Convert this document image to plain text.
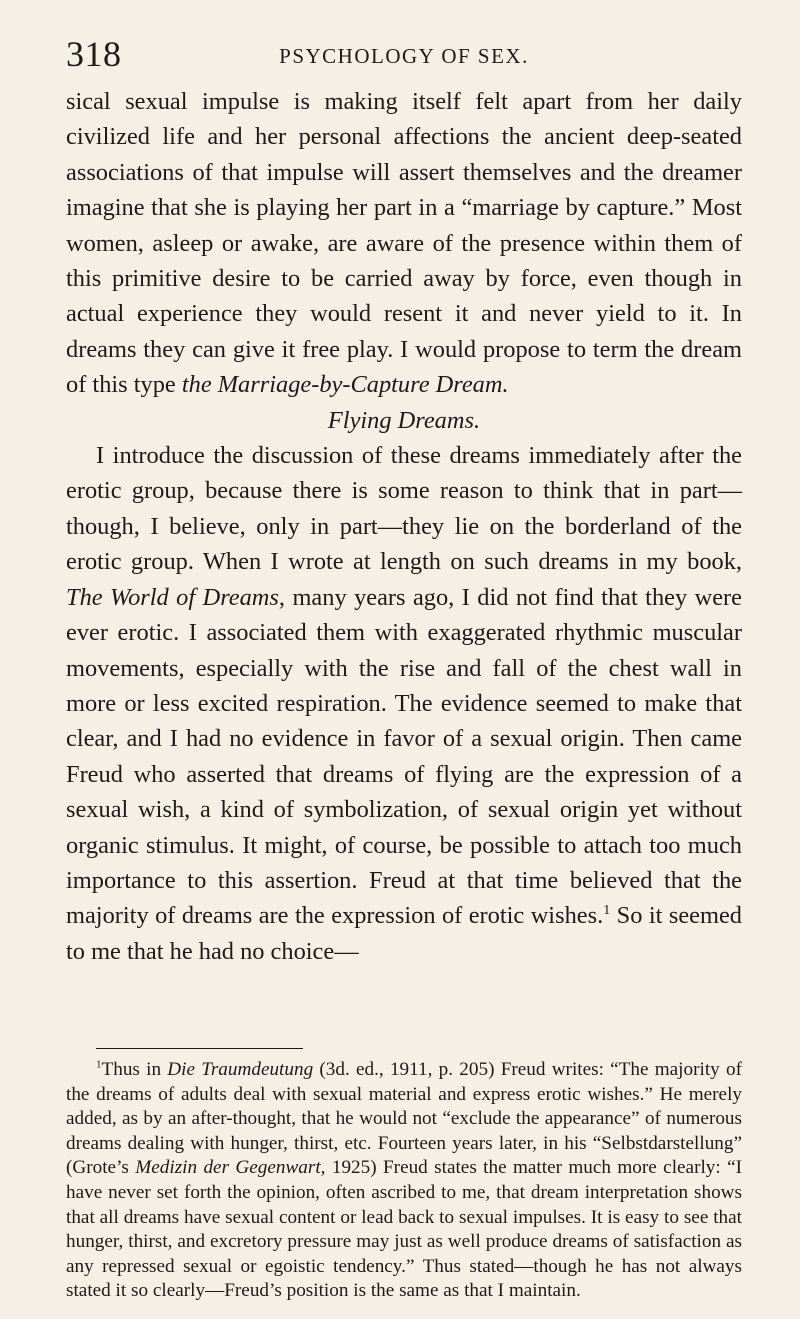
318	PSYCHOLOGY OF SEX.

sical sexual impulse is making itself felt apart from her daily civilized life and her personal affections the ancient deep-seated associations of that impulse will assert themselves and the dreamer imagine that she is playing her part in a “marriage by capture.” Most women, asleep or awake, are aware of the presence within them of this primitive desire to be carried away by force, even though in actual experience they would resent it and never yield to it. In dreams they can give it free play. I would propose to term the dream of this type the Marriage-by-Capture Dream.

Flying Dreams.

I introduce the discussion of these dreams immediately after the erotic group, because there is some reason to think that in part—though, I believe, only in part—they lie on the borderland of the erotic group. When I wrote at length on such dreams in my book, The World of Dreams, many years ago, I did not find that they were ever erotic. I associated them with exaggerated rhythmic muscular movements, especially with the rise and fall of the chest wall in more or less excited respiration. The evidence seemed to make that clear, and I had no evidence in favor of a sexual origin. Then came Freud who asserted that dreams of flying are the expression of a sexual wish, a kind of symbolization, of sexual origin yet without organic stimulus. It might, of course, be possible to attach too much importance to this assertion. Freud at that time believed that the majority of dreams are the expression of erotic wishes.$^1$ So it seemed to me that he had no choice—

$^1$Thus in Die Traumdeutung (3d. ed., 1911, p. 205) Freud writes: “The majority of the dreams of adults deal with sexual material and express erotic wishes.” He merely added, as by an after-thought, that he would not “exclude the appearance” of numerous dreams dealing with hunger, thirst, etc. Fourteen years later, in his “Selbstdarstellung” (Grote’s Medizin der Gegenwart, 1925) Freud states the matter much more clearly: “I have never set forth the opinion, often ascribed to me, that dream interpretation shows that all dreams have sexual content or lead back to sexual impulses. It is easy to see that hunger, thirst, and excretory pressure may just as well produce dreams of satisfaction as any repressed sexual or egoistic tendency.” Thus stated—though he has not always stated it so clearly—Freud’s position is the same as that I maintain.
